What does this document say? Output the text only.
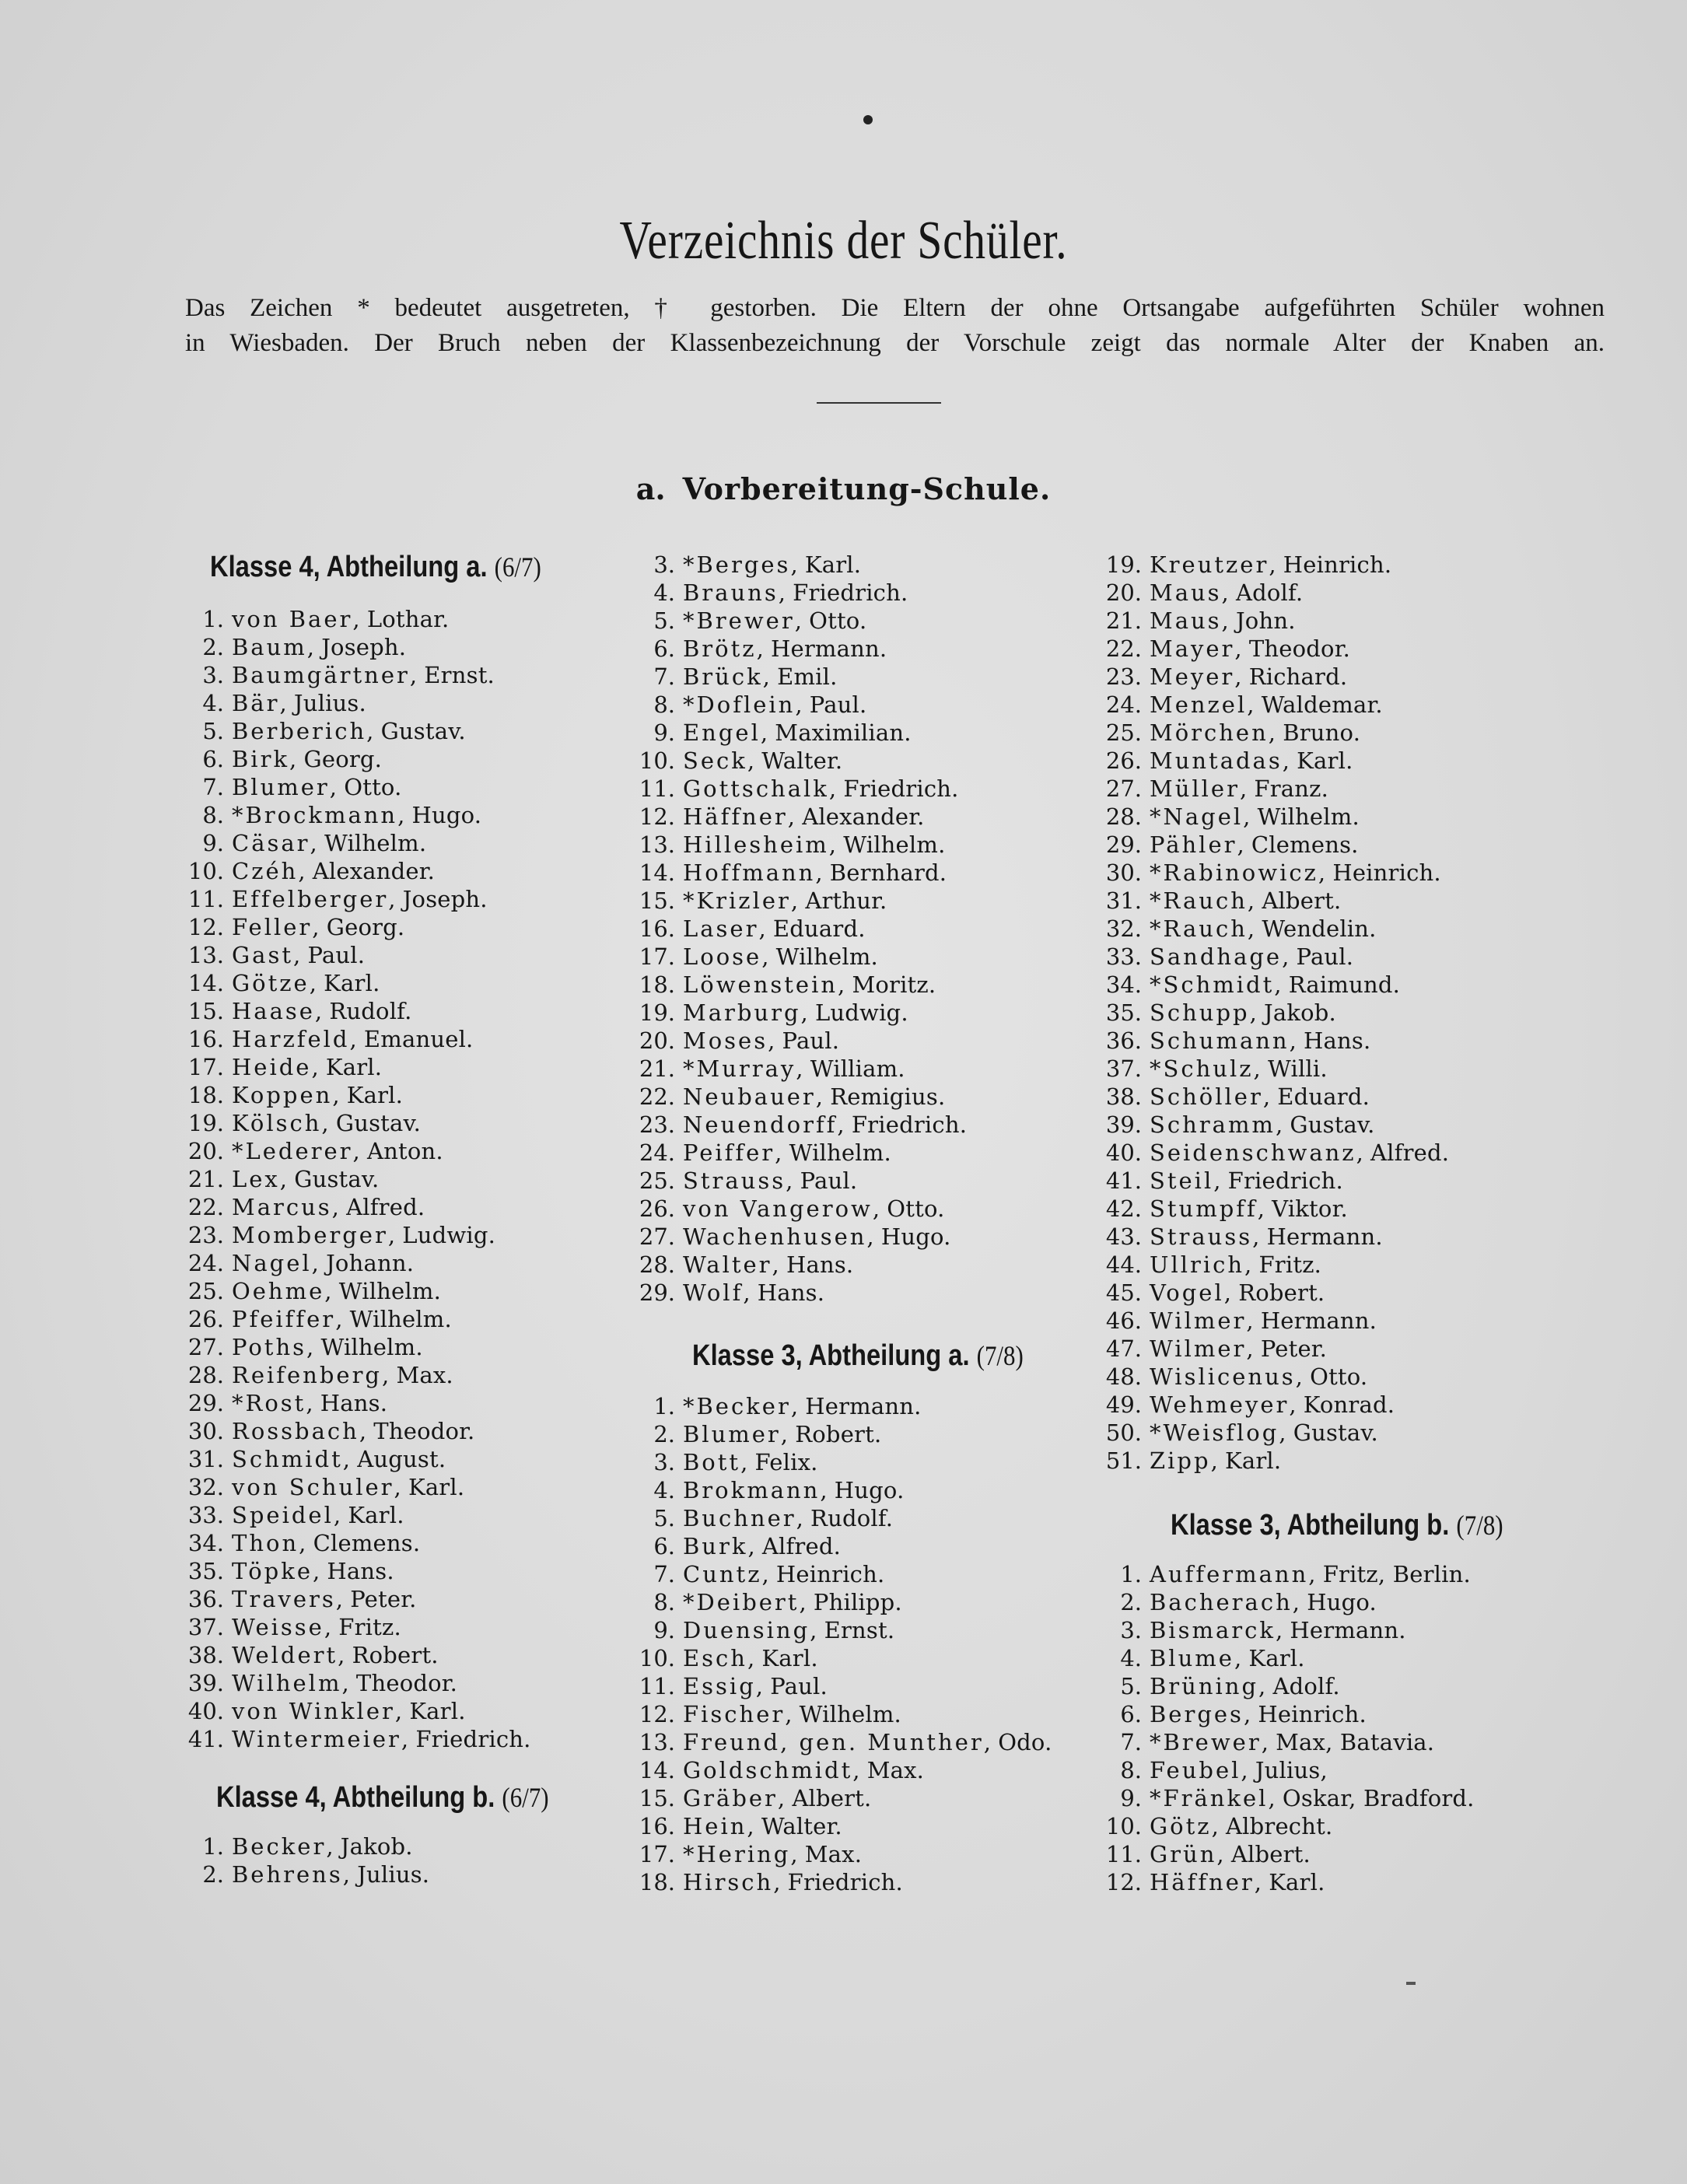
Verzeichnis der Schüler.
Das Zeichen * bedeutet ausgetreten, † gestorben. Die Eltern der ohne Ortsangabe aufgeführten Schüler wohnen
in Wiesbaden. Der Bruch neben der Klassenbezeichnung der Vorschule zeigt das normale Alter der Knaben an.
a. Vorbereitung-Schule.
Klasse 4, Abtheilung a. (6/7)
1. von Baer, Lothar.
2. Baum, Joseph.
3. Baumgärtner, Ernst.
4. Bär, Julius.
5. Berberich, Gustav.
6. Birk, Georg.
7. Blumer, Otto.
8. *Brockmann, Hugo.
9. Cäsar, Wilhelm.
10. Czéh, Alexander.
11. Effelberger, Joseph.
12. Feller, Georg.
13. Gast, Paul.
14. Götze, Karl.
15. Haase, Rudolf.
16. Harzfeld, Emanuel.
17. Heide, Karl.
18. Koppen, Karl.
19. Kölsch, Gustav.
20. *Lederer, Anton.
21. Lex, Gustav.
22. Marcus, Alfred.
23. Momberger, Ludwig.
24. Nagel, Johann.
25. Oehme, Wilhelm.
26. Pfeiffer, Wilhelm.
27. Poths, Wilhelm.
28. Reifenberg, Max.
29. *Rost, Hans.
30. Rossbach, Theodor.
31. Schmidt, August.
32. von Schuler, Karl.
33. Speidel, Karl.
34. Thon, Clemens.
35. Töpke, Hans.
36. Travers, Peter.
37. Weisse, Fritz.
38. Weldert, Robert.
39. Wilhelm, Theodor.
40. von Winkler, Karl.
41. Wintermeier, Friedrich.
Klasse 4, Abtheilung b. (6/7)
1. Becker, Jakob.
2. Behrens, Julius.
3. *Berges, Karl.
4. Brauns, Friedrich.
5. *Brewer, Otto.
6. Brötz, Hermann.
7. Brück, Emil.
8. *Doflein, Paul.
9. Engel, Maximilian.
10. Seck, Walter.
11. Gottschalk, Friedrich.
12. Häffner, Alexander.
13. Hillesheim, Wilhelm.
14. Hoffmann, Bernhard.
15. *Krizler, Arthur.
16. Laser, Eduard.
17. Loose, Wilhelm.
18. Löwenstein, Moritz.
19. Marburg, Ludwig.
20. Moses, Paul.
21. *Murray, William.
22. Neubauer, Remigius.
23. Neuendorff, Friedrich.
24. Peiffer, Wilhelm.
25. Strauss, Paul.
26. von Vangerow, Otto.
27. Wachenhusen, Hugo.
28. Walter, Hans.
29. Wolf, Hans.
Klasse 3, Abtheilung a. (7/8)
1. *Becker, Hermann.
2. Blumer, Robert.
3. Bott, Felix.
4. Brokmann, Hugo.
5. Buchner, Rudolf.
6. Burk, Alfred.
7. Cuntz, Heinrich.
8. *Deibert, Philipp.
9. Duensing, Ernst.
10. Esch, Karl.
11. Essig, Paul.
12. Fischer, Wilhelm.
13. Freund, gen. Munther, Odo.
14. Goldschmidt, Max.
15. Gräber, Albert.
16. Hein, Walter.
17. *Hering, Max.
18. Hirsch, Friedrich.
19. Kreutzer, Heinrich.
20. Maus, Adolf.
21. Maus, John.
22. Mayer, Theodor.
23. Meyer, Richard.
24. Menzel, Waldemar.
25. Mörchen, Bruno.
26. Muntadas, Karl.
27. Müller, Franz.
28. *Nagel, Wilhelm.
29. Pähler, Clemens.
30. *Rabinowicz, Heinrich.
31. *Rauch, Albert.
32. *Rauch, Wendelin.
33. Sandhage, Paul.
34. *Schmidt, Raimund.
35. Schupp, Jakob.
36. Schumann, Hans.
37. *Schulz, Willi.
38. Schöller, Eduard.
39. Schramm, Gustav.
40. Seidenschwanz, Alfred.
41. Steil, Friedrich.
42. Stumpff, Viktor.
43. Strauss, Hermann.
44. Ullrich, Fritz.
45. Vogel, Robert.
46. Wilmer, Hermann.
47. Wilmer, Peter.
48. Wislicenus, Otto.
49. Wehmeyer, Konrad.
50. *Weisflog, Gustav.
51. Zipp, Karl.
Klasse 3, Abtheilung b. (7/8)
1. Auffermann, Fritz, Berlin.
2. Bacherach, Hugo.
3. Bismarck, Hermann.
4. Blume, Karl.
5. Brüning, Adolf.
6. Berges, Heinrich.
7. *Brewer, Max, Batavia.
8. Feubel, Julius,
9. *Fränkel, Oskar, Bradford.
10. Götz, Albrecht.
11. Grün, Albert.
12. Häffner, Karl.
